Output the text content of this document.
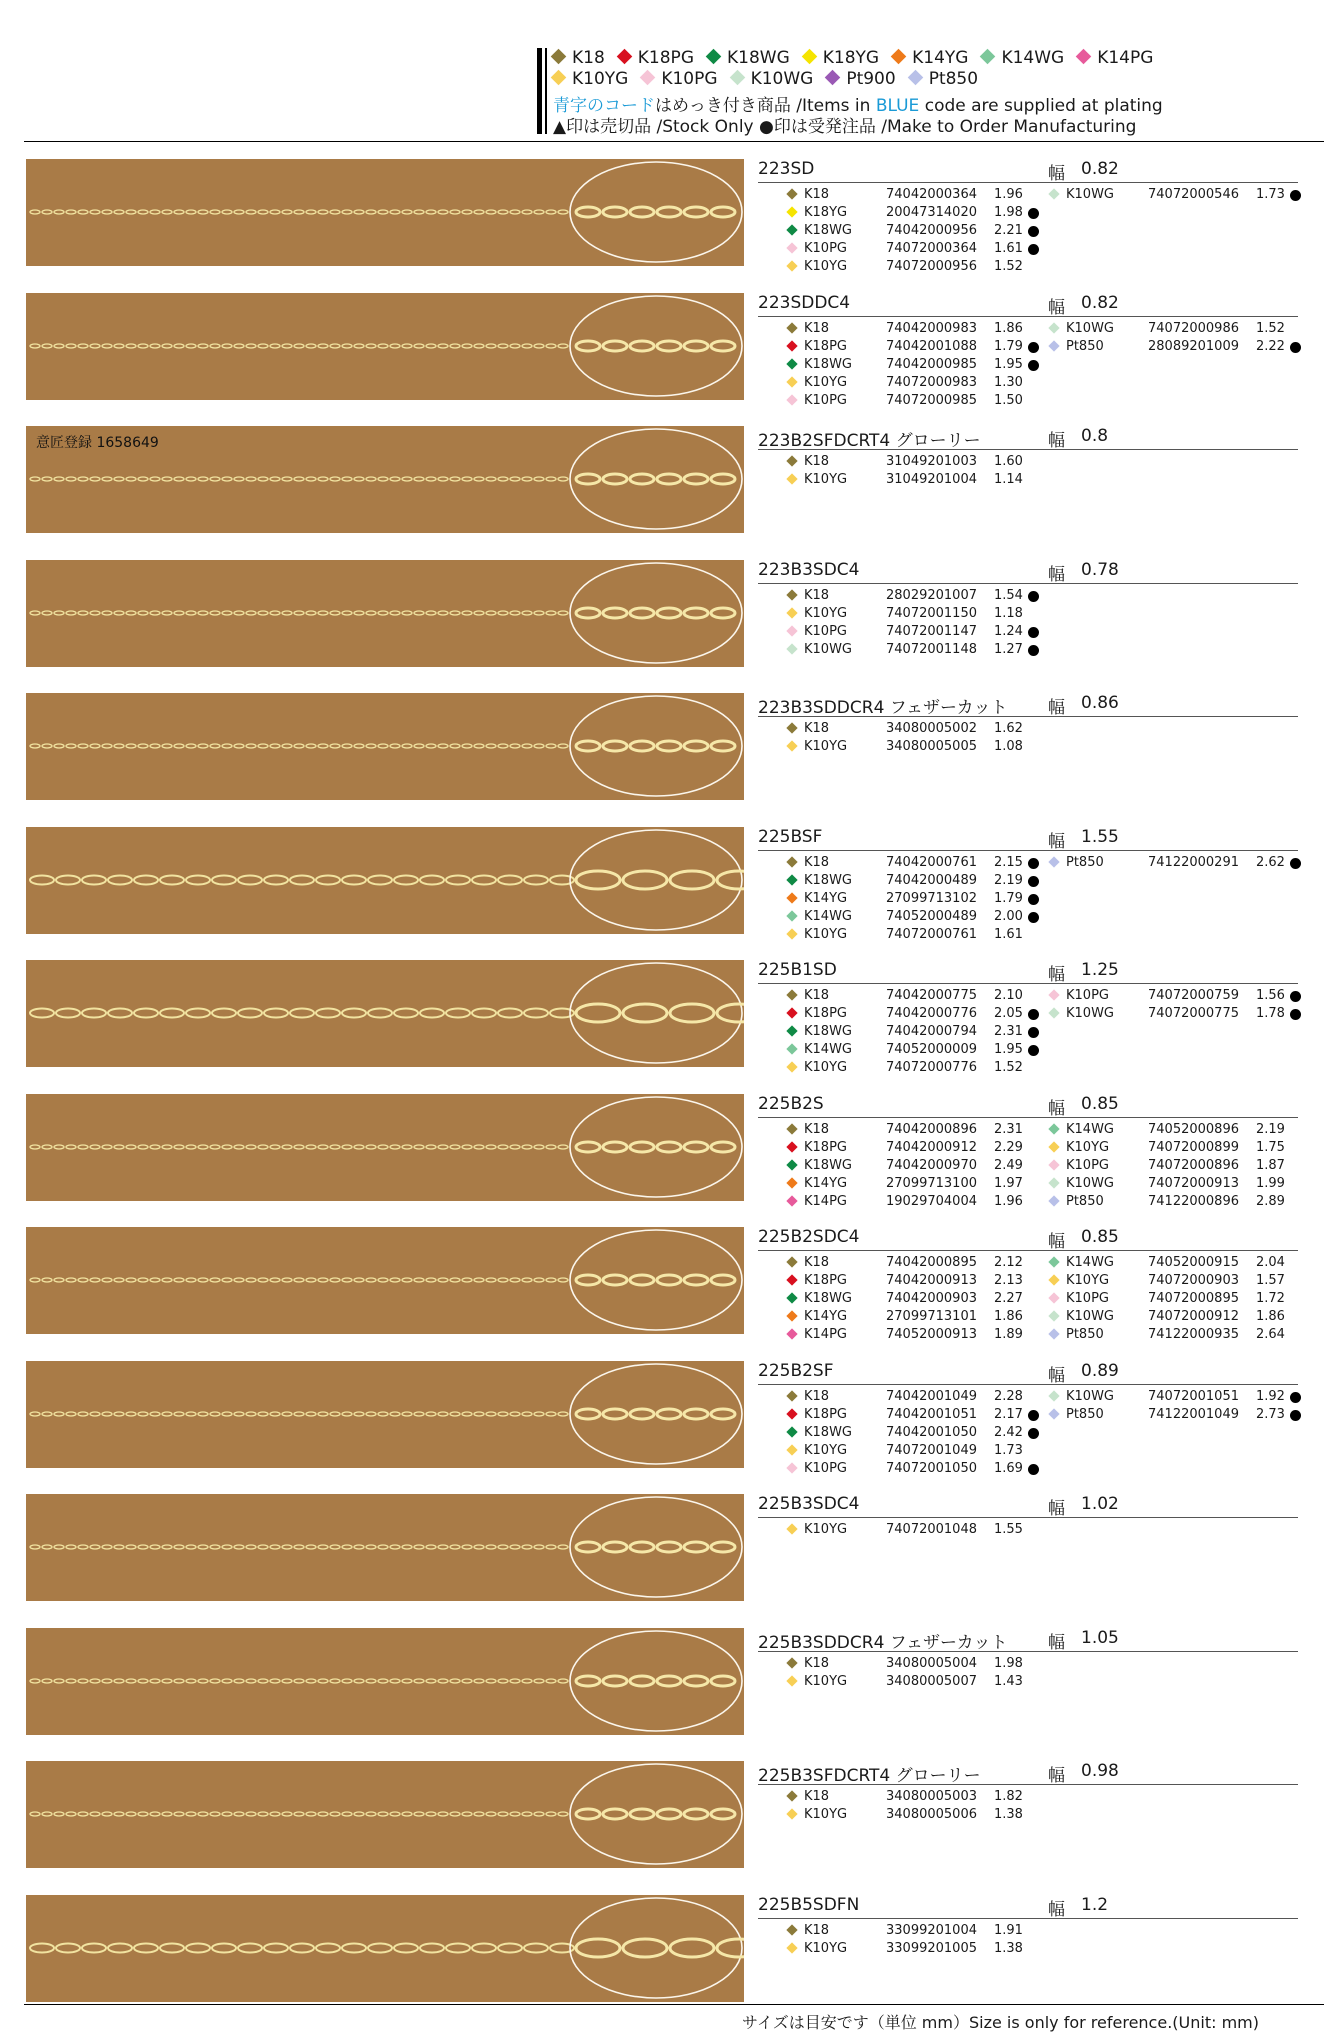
K18 K18PG K18WG K18YG K14YG K14WG K14PG
K10YG K10PG K10WG Pt900 Pt850
青字のコードはめっき付き商品 /Items in BLUE code are supplied at plating
▲印は売切品 /Stock Only ●印は受発注品 /Make to Order Manufacturing
223SD	幅 0.82
K18	74042000364 1.96
K18YG	20047314020 1.98
K18WG	74042000956 2.21
K10PG	74072000364 1.61
K10YG	74072000956 1.52
K10WG	74072000546 1.73
223SDDC4	幅 0.82
K18	74042000983 1.86
K18PG	74042001088 1.79
K18WG	74042000985 1.95
K10YG	74072000983 1.30
K10PG	74072000985 1.50
K10WG	74072000986 1.52
Pt850	28089201009 2.22
意匠登録 1658649	223B2SFDCRT4 グローリー	幅 0.8
K18	31049201003 1.60
K10YG	31049201004 1.14
223B3SDC4	幅 0.78
K18	28029201007 1.54
K10YG	74072001150 1.18
K10PG	74072001147 1.24
K10WG	74072001148 1.27
223B3SDDCR4 フェザーカット 幅 0.86
K18	34080005002 1.62
K10YG	34080005005 1.08
225BSF	幅 1.55
K18	74042000761 2.15
K18WG	74042000489 2.19
K14YG	27099713102 1.79
K14WG	74052000489 2.00
K10YG	74072000761 1.61
Pt850	74122000291 2.62
225B1SD	幅 1.25
K18	74042000775 2.10
K18PG	74042000776 2.05
K18WG	74042000794 2.31
K14WG	74052000009 1.95
K10YG	74072000776 1.52
K10PG	74072000759 1.56
K10WG	74072000775 1.78
225B2S	幅 0.85
K18	74042000896 2.31
K18PG	74042000912 2.29
K18WG	74042000970 2.49
K14YG	27099713100 1.97
K14PG	19029704004 1.96
K14WG	74052000896 2.19
K10YG	74072000899 1.75
K10PG	74072000896 1.87
K10WG	74072000913 1.99
Pt850	74122000896 2.89
225B2SDC4	幅 0.85
K18	74042000895 2.12
K18PG	74042000913 2.13
K18WG	74042000903 2.27
K14YG	27099713101 1.86
K14PG	74052000913 1.89
K14WG	74052000915 2.04
K10YG	74072000903 1.57
K10PG	74072000895 1.72
K10WG	74072000912 1.86
Pt850	74122000935 2.64
225B2SF	幅 0.89
K18	74042001049 2.28
K18PG	74042001051 2.17
K18WG	74042001050 2.42
K10YG	74072001049 1.73
K10PG	74072001050 1.69
K10WG	74072001051 1.92
Pt850	74122001049 2.73
225B3SDC4	幅 1.02
K10YG	74072001048 1.55
225B3SDDCR4 フェザーカット 幅 1.05
K18	34080005004 1.98
K10YG	34080005007 1.43
225B3SFDCRT4 グローリー	幅 0.98
K18	34080005003 1.82
K10YG	34080005006 1.38
225B5SDFN	幅 1.2
K18	33099201004 1.91
K10YG	33099201005 1.38
サイズは目安です（単位 mm）Size is only for reference.(Unit: mm)
